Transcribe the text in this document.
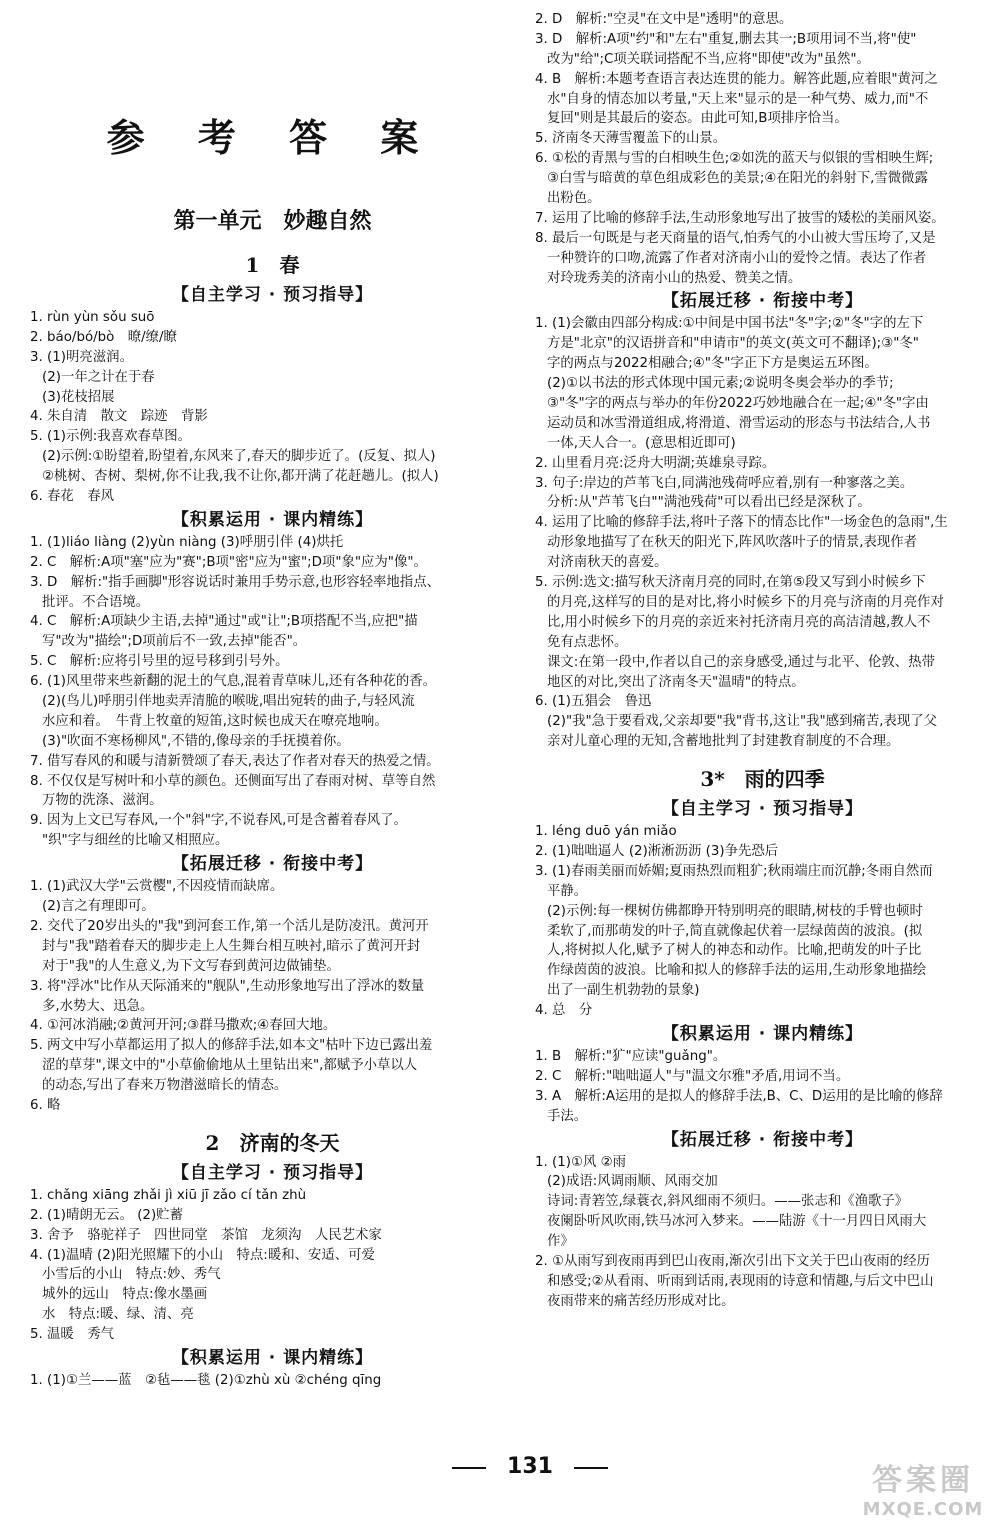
参 考 答 案
第一单元　妙趣自然
1　春
【自主学习 · 预习指导】
1. rùn yùn sǒu suō
2. báo/bó/bò　暸/缭/瞭
3. (1)明亮滋润。
(2)一年之计在于春
(3)花枝招展
4. 朱自清　散文　踪迹　背影
5. (1)示例:我喜欢春草图。
(2)示例:①盼望着,盼望着,东风来了,春天的脚步近了。(反复、拟人)
②桃树、杏树、梨树,你不让我,我不让你,都开满了花赶趟儿。(拟人)
6. 春花　春风
【积累运用 · 课内精练】
1. (1)liáo liàng (2)yùn niàng (3)呼朋引伴 (4)烘托
2. C　解析:A项"塞"应为"赛";B项"密"应为"蜜";D项"象"应为"像"。
3. D　解析:"指手画脚"形容说话时兼用手势示意,也形容轻率地指点、
批评。不合语境。
4. C　解析:A项缺少主语,去掉"通过"或"让";B项搭配不当,应把"描
写"改为"描绘";D项前后不一致,去掉"能否"。
5. C　解析:应将引号里的逗号移到引号外。
6. (1)风里带来些新翻的泥土的气息,混着青草味儿,还有各种花的香。
(2)(鸟儿)呼朋引伴地卖弄清脆的喉咙,唱出宛转的曲子,与轻风流
水应和着。　牛背上牧童的短笛,这时候也成天在嘹亮地响。
(3)"吹面不寒杨柳风",不错的,像母亲的手抚摸着你。
7. 借写春风的和暖与清新赞颂了春天,表达了作者对春天的热爱之情。
8. 不仅仅是写树叶和小草的颜色。还侧面写出了春雨对树、草等自然
万物的洗涤、滋润。
9. 因为上文已写春风,一个"斜"字,不说春风,可是含蓄着春风了。
"织"字与细丝的比喻又相照应。
【拓展迁移 · 衔接中考】
1. (1)武汉大学"云赏樱",不因疫情而缺席。
(2)言之有理即可。
2. 交代了20岁出头的"我"到河套工作,第一个活儿是防凌汛。黄河开
封与"我"踏着春天的脚步走上人生舞台相互映衬,暗示了黄河开封
对于"我"的人生意义,为下文写春到黄河边做铺垫。
3. 将"浮冰"比作从天际涌来的"舰队",生动形象地写出了浮冰的数量
多,水势大、迅急。
4. ①河冰消融;②黄河开河;③群马撒欢;④春回大地。
5. 两文中写小草都运用了拟人的修辞手法,如本文"枯叶下边已露出羞
涩的草芽",课文中的"小草偷偷地从土里钻出来",都赋予小草以人
的动态,写出了春来万物潜滋暗长的情态。
6. 略
2　济南的冬天
【自主学习 · 预习指导】
1. chǎng xiāng zhǎi jì xiū jī zǎo cí tǎn zhù
2. (1)晴朗无云。 (2)贮蓄
3. 舍予　骆驼祥子　四世同堂　茶馆　龙须沟　人民艺术家
4. (1)温晴 (2)阳光照耀下的小山　特点:暖和、安适、可爱
小雪后的小山　特点:妙、秀气
城外的远山　特点:像水墨画
水　特点:暖、绿、清、亮
5. 温暖　秀气
【积累运用 · 课内精练】
1. (1)①兰——蓝　②毡——毯 (2)①zhù xù ②chéng qīng
2. D　解析:"空灵"在文中是"透明"的意思。
3. D　解析:A项"约"和"左右"重复,删去其一;B项用词不当,将"使"
改为"给";C项关联词搭配不当,应将"即使"改为"虽然"。
4. B　解析:本题考查语言表达连贯的能力。解答此题,应着眼"黄河之
水"自身的情态加以考量,"天上来"显示的是一种气势、威力,而"不
复回"则是其最后的姿态。由此可知,B项排序恰当。
5. 济南冬天薄雪覆盖下的山景。
6. ①松的青黑与雪的白相映生色;②如洗的蓝天与似银的雪相映生辉;
③白雪与暗黄的草色组成彩色的美景;④在阳光的斜射下,雪微微露
出粉色。
7. 运用了比喻的修辞手法,生动形象地写出了披雪的矮松的美丽风姿。
8. 最后一句既是与老天商量的语气,怕秀气的小山被大雪压垮了,又是
一种赞许的口吻,流露了作者对济南小山的爱怜之情。表达了作者
对玲珑秀美的济南小山的热爱、赞美之情。
【拓展迁移 · 衔接中考】
1. (1)会徽由四部分构成:①中间是中国书法"冬"字;②"冬"字的左下
方是"北京"的汉语拼音和"申请市"的英文(英文可不翻译);③"冬"
字的两点与2022相融合;④"冬"字正下方是奥运五环图。
(2)①以书法的形式体现中国元素;②说明冬奥会举办的季节;
③"冬"字的两点与举办的年份2022巧妙地融合在一起;④"冬"字由
运动员和冰雪滑道组成,将滑道、滑雪运动的形态与书法结合,人书
一体,天人合一。(意思相近即可)
2. 山里看月亮:泛舟大明湖;英雄泉寻踪。
3. 句子:岸边的芦苇飞白,同满池残荷呼应着,别有一种寥落之美。
分析:从"芦苇飞白""满池残荷"可以看出已经是深秋了。
4. 运用了比喻的修辞手法,将叶子落下的情态比作"一场金色的急雨",生
动形象地描写了在秋天的阳光下,阵风吹落叶子的情景,表现作者
对济南秋天的喜爱。
5. 示例:选文:描写秋天济南月亮的同时,在第⑤段又写到小时候乡下
的月亮,这样写的目的是对比,将小时候乡下的月亮与济南的月亮作对
比,用小时候乡下的月亮的亲近来衬托济南月亮的高洁清越,教人不
免有点悲怀。
课文:在第一段中,作者以自己的亲身感受,通过与北平、伦敦、热带
地区的对比,突出了济南冬天"温晴"的特点。
6. (1)五猖会　鲁迅
(2)"我"急于要看戏,父亲却要"我"背书,这让"我"感到痛苦,表现了父
亲对儿童心理的无知,含蓄地批判了封建教育制度的不合理。
3*　雨的四季
【自主学习 · 预习指导】
1. léng duō yán miǎo
2. (1)咄咄逼人 (2)淅淅沥沥 (3)争先恐后
3. (1)春雨美丽而娇媚;夏雨热烈而粗犷;秋雨端庄而沉静;冬雨自然而
平静。
(2)示例:每一棵树仿佛都睁开特别明亮的眼睛,树枝的手臂也顿时
柔软了,而那萌发的叶子,简直就像起伏着一层绿茵茵的波浪。(拟
人,将树拟人化,赋予了树人的神态和动作。比喻,把萌发的叶子比
作绿茵茵的波浪。比喻和拟人的修辞手法的运用,生动形象地描绘
出了一副生机勃勃的景象)
4. 总　分
【积累运用 · 课内精练】
1. B　解析:"犷"应读"guǎng"。
2. C　解析:"咄咄逼人"与"温文尔雅"矛盾,用词不当。
3. A　解析:A运用的是拟人的修辞手法,B、C、D运用的是比喻的修辞
手法。
【拓展迁移 · 衔接中考】
1. (1)①风 ②雨
(2)成语:风调雨顺、风雨交加
诗词:青箬笠,绿蓑衣,斜风细雨不须归。——张志和《渔歌子》
夜阑卧听风吹雨,铁马冰河入梦来。——陆游《十一月四日风雨大
作》
2. ①从雨写到夜雨再到巴山夜雨,渐次引出下文关于巴山夜雨的经历
和感受;②从看雨、听雨到话雨,表现雨的诗意和情趣,与后文中巴山
夜雨带来的痛苦经历形成对比。
131	答案圈
MXQE.COM
